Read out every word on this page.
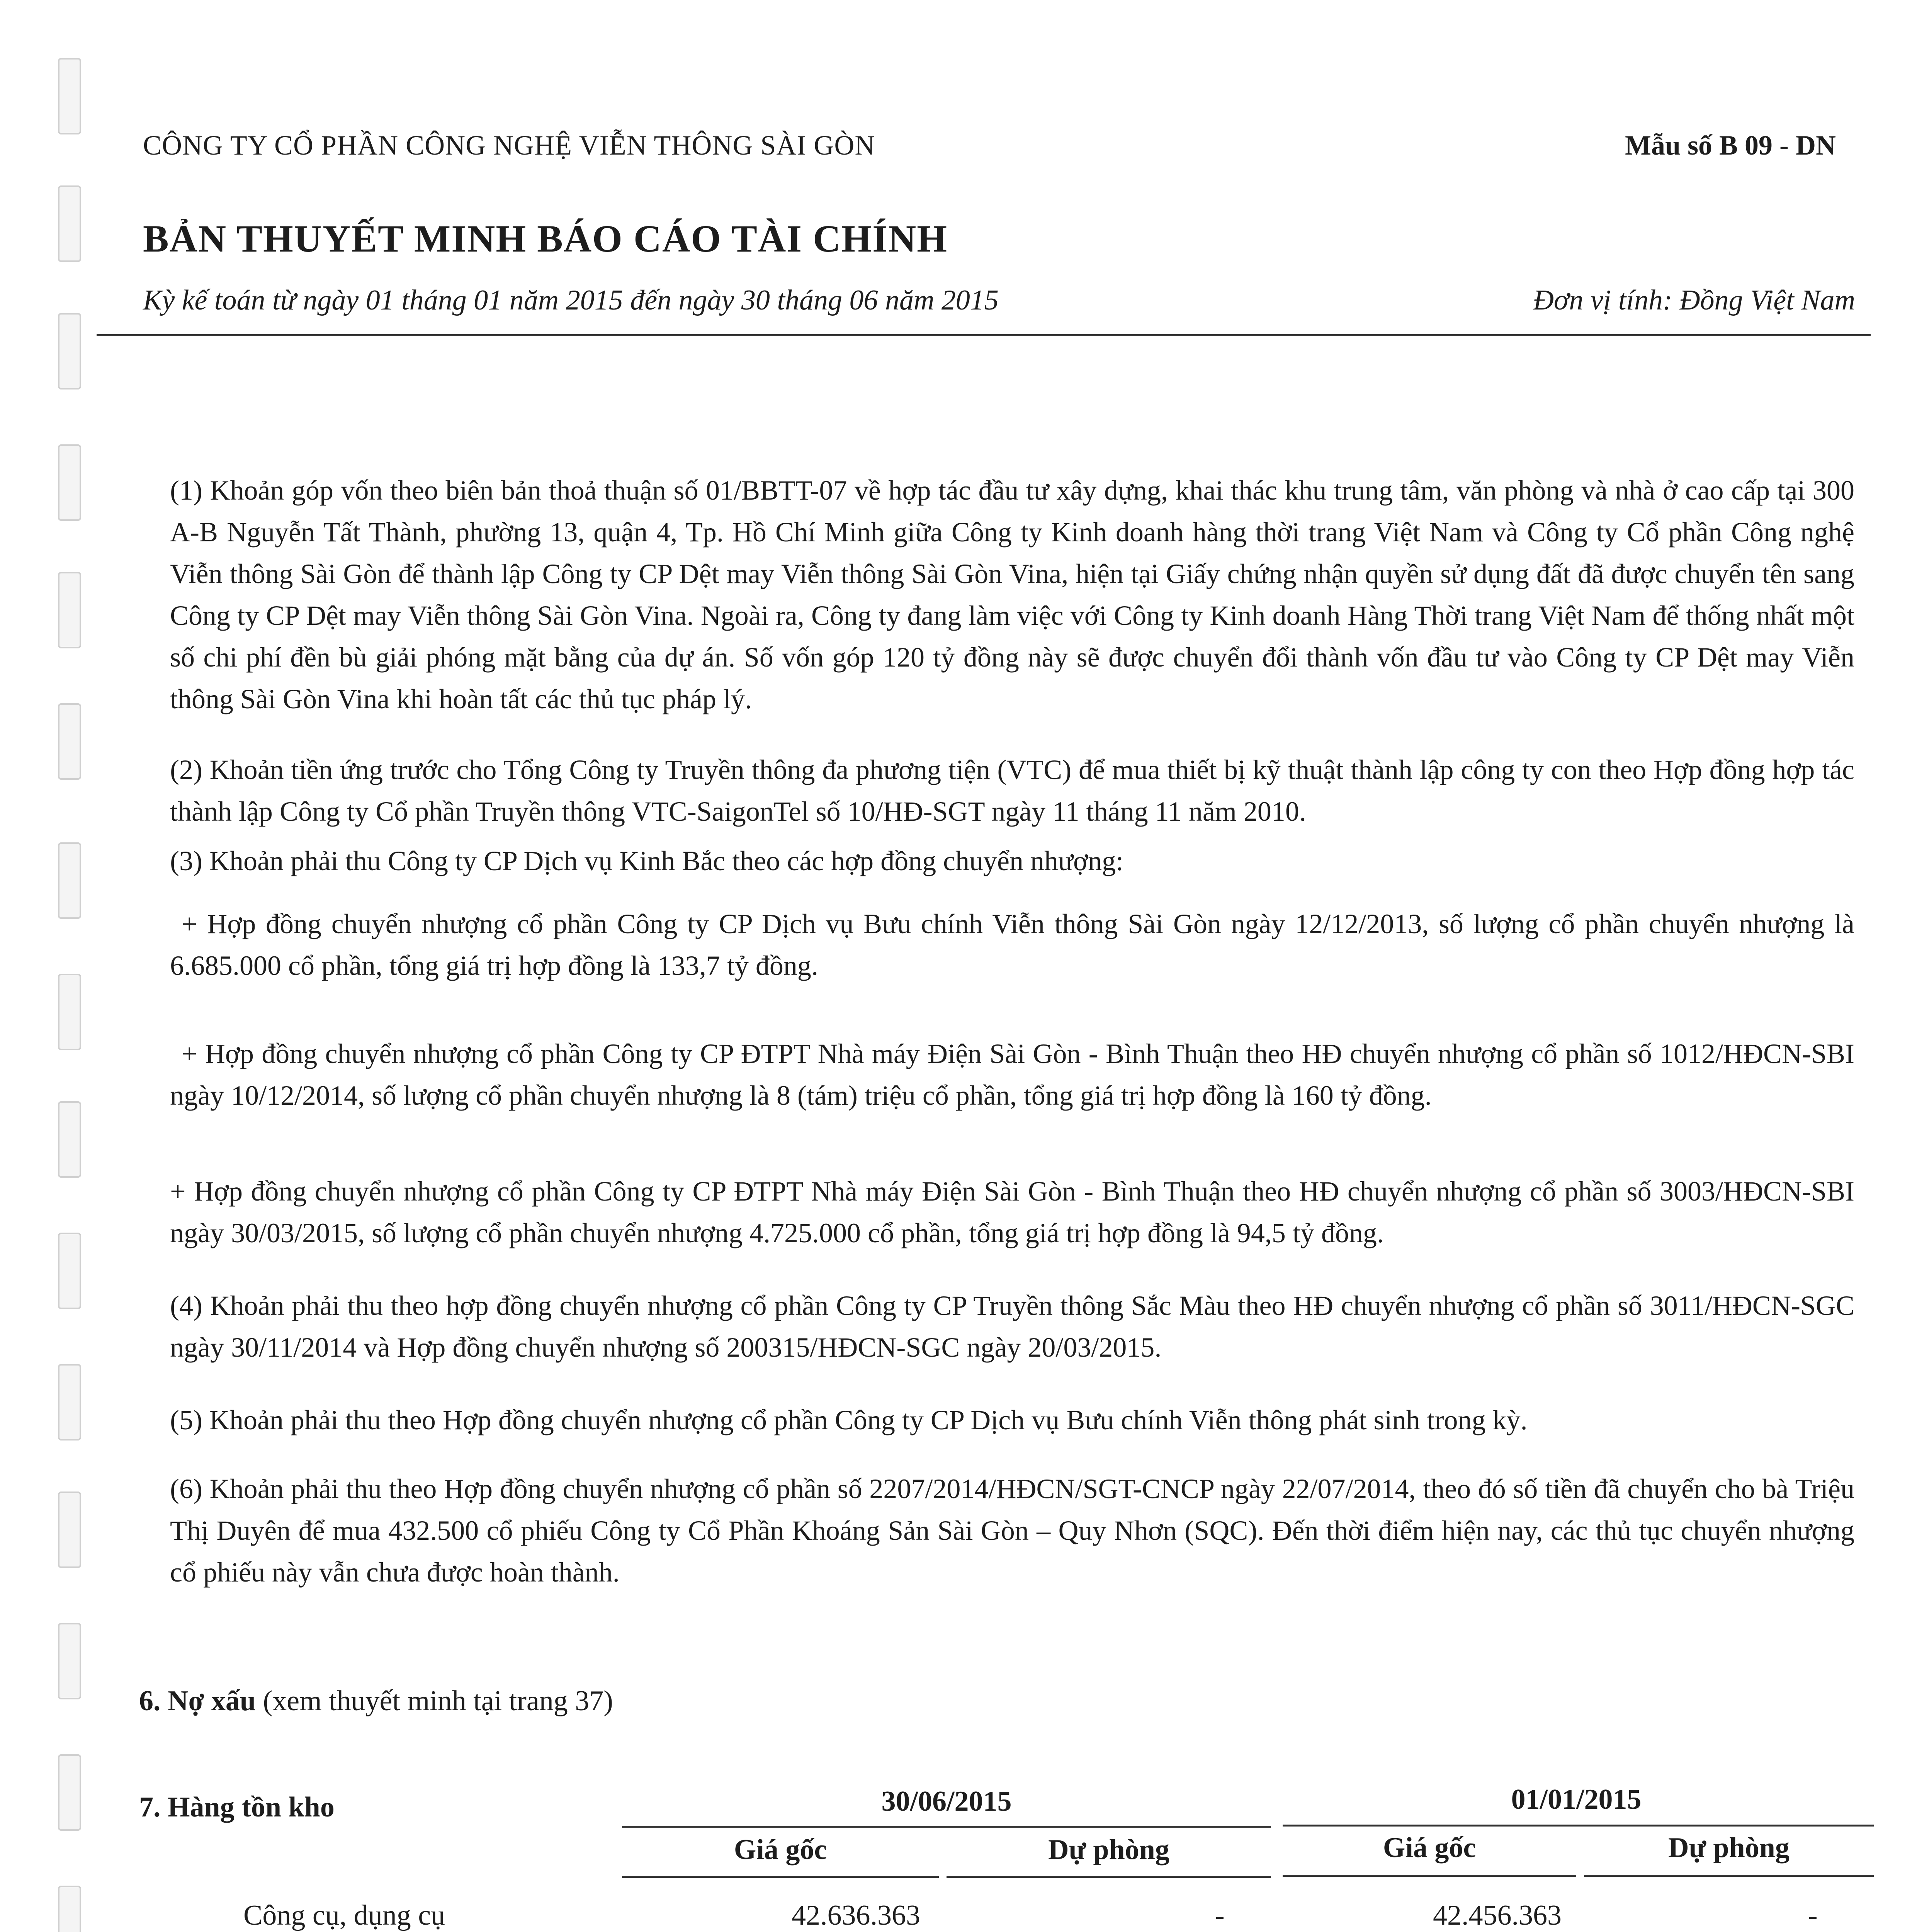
CÔNG TY CỔ PHẦN CÔNG NGHỆ VIỄN THÔNG SÀI GÒN	Mẫu số B 09 - DN
BẢN THUYẾT MINH BÁO CÁO TÀI CHÍNH
Kỳ kế toán từ ngày 01 tháng 01 năm 2015 đến ngày 30 tháng 06 năm 2015	Đơn vị tính: Đồng Việt Nam

(1) Khoản góp vốn theo biên bản thoả thuận số 01/BBTT-07 về hợp tác đầu tư xây dựng, khai thác khu trung tâm, văn phòng và nhà ở cao cấp tại 300 A-B Nguyễn Tất Thành, phường 13, quận 4, Tp. Hồ Chí Minh giữa Công ty Kinh doanh hàng thời trang Việt Nam và Công ty Cổ phần Công nghệ Viễn thông Sài Gòn để thành lập Công ty CP Dệt may Viễn thông Sài Gòn Vina, hiện tại Giấy chứng nhận quyền sử dụng đất đã được chuyển tên sang Công ty CP Dệt may Viễn thông Sài Gòn Vina. Ngoài ra, Công ty đang làm việc với Công ty Kinh doanh Hàng Thời trang Việt Nam để thống nhất một số chi phí đền bù giải phóng mặt bằng của dự án. Số vốn góp 120 tỷ đồng này sẽ được chuyển đổi thành vốn đầu tư vào Công ty CP Dệt may Viễn thông Sài Gòn Vina khi hoàn tất các thủ tục pháp lý.

(2) Khoản tiền ứng trước cho Tổng Công ty Truyền thông đa phương tiện (VTC) để mua thiết bị kỹ thuật thành lập công ty con theo Hợp đồng hợp tác thành lập Công ty Cổ phần Truyền thông VTC-SaigonTel số 10/HĐ-SGT ngày 11 tháng 11 năm 2010.

(3) Khoản phải thu Công ty CP Dịch vụ Kinh Bắc theo các hợp đồng chuyển nhượng:

+ Hợp đồng chuyển nhượng cổ phần Công ty CP Dịch vụ Bưu chính Viễn thông Sài Gòn ngày 12/12/2013, số lượng cổ phần chuyển nhượng là 6.685.000 cổ phần, tổng giá trị hợp đồng là 133,7 tỷ đồng.

+ Hợp đồng chuyển nhượng cổ phần Công ty CP ĐTPT Nhà máy Điện Sài Gòn - Bình Thuận theo HĐ chuyển nhượng cổ phần số 1012/HĐCN-SBI ngày 10/12/2014, số lượng cổ phần chuyển nhượng là 8 (tám) triệu cổ phần, tổng giá trị hợp đồng là 160 tỷ đồng.

+ Hợp đồng chuyển nhượng cổ phần Công ty CP ĐTPT Nhà máy Điện Sài Gòn - Bình Thuận theo HĐ chuyển nhượng cổ phần số 3003/HĐCN-SBI ngày 30/03/2015, số lượng cổ phần chuyển nhượng 4.725.000 cổ phần, tổng giá trị hợp đồng là 94,5 tỷ đồng.

(4) Khoản phải thu theo hợp đồng chuyển nhượng cổ phần Công ty CP Truyền thông Sắc Màu theo HĐ chuyển nhượng cổ phần số 3011/HĐCN-SGC ngày 30/11/2014 và Hợp đồng chuyển nhượng số 200315/HĐCN-SGC ngày 20/03/2015.

(5) Khoản phải thu theo Hợp đồng chuyển nhượng cổ phần Công ty CP Dịch vụ Bưu chính Viễn thông phát sinh trong kỳ.

(6) Khoản phải thu theo Hợp đồng chuyển nhượng cổ phần số 2207/2014/HĐCN/SGT-CNCP ngày 22/07/2014, theo đó số tiền đã chuyển cho bà Triệu Thị Duyên để mua 432.500 cổ phiếu Công ty Cổ Phần Khoáng Sản Sài Gòn – Quy Nhơn (SQC). Đến thời điểm hiện nay, các thủ tục chuyển nhượng cổ phiếu này vẫn chưa được hoàn thành.

6. Nợ xấu (xem thuyết minh tại trang 37)
7. Hàng tồn kho	30/06/2015	01/01/2015
Giá gốc	Dự phòng	Giá gốc	Dự phòng
Công cụ, dụng cụ	42.636.363	-	42.456.363	-
